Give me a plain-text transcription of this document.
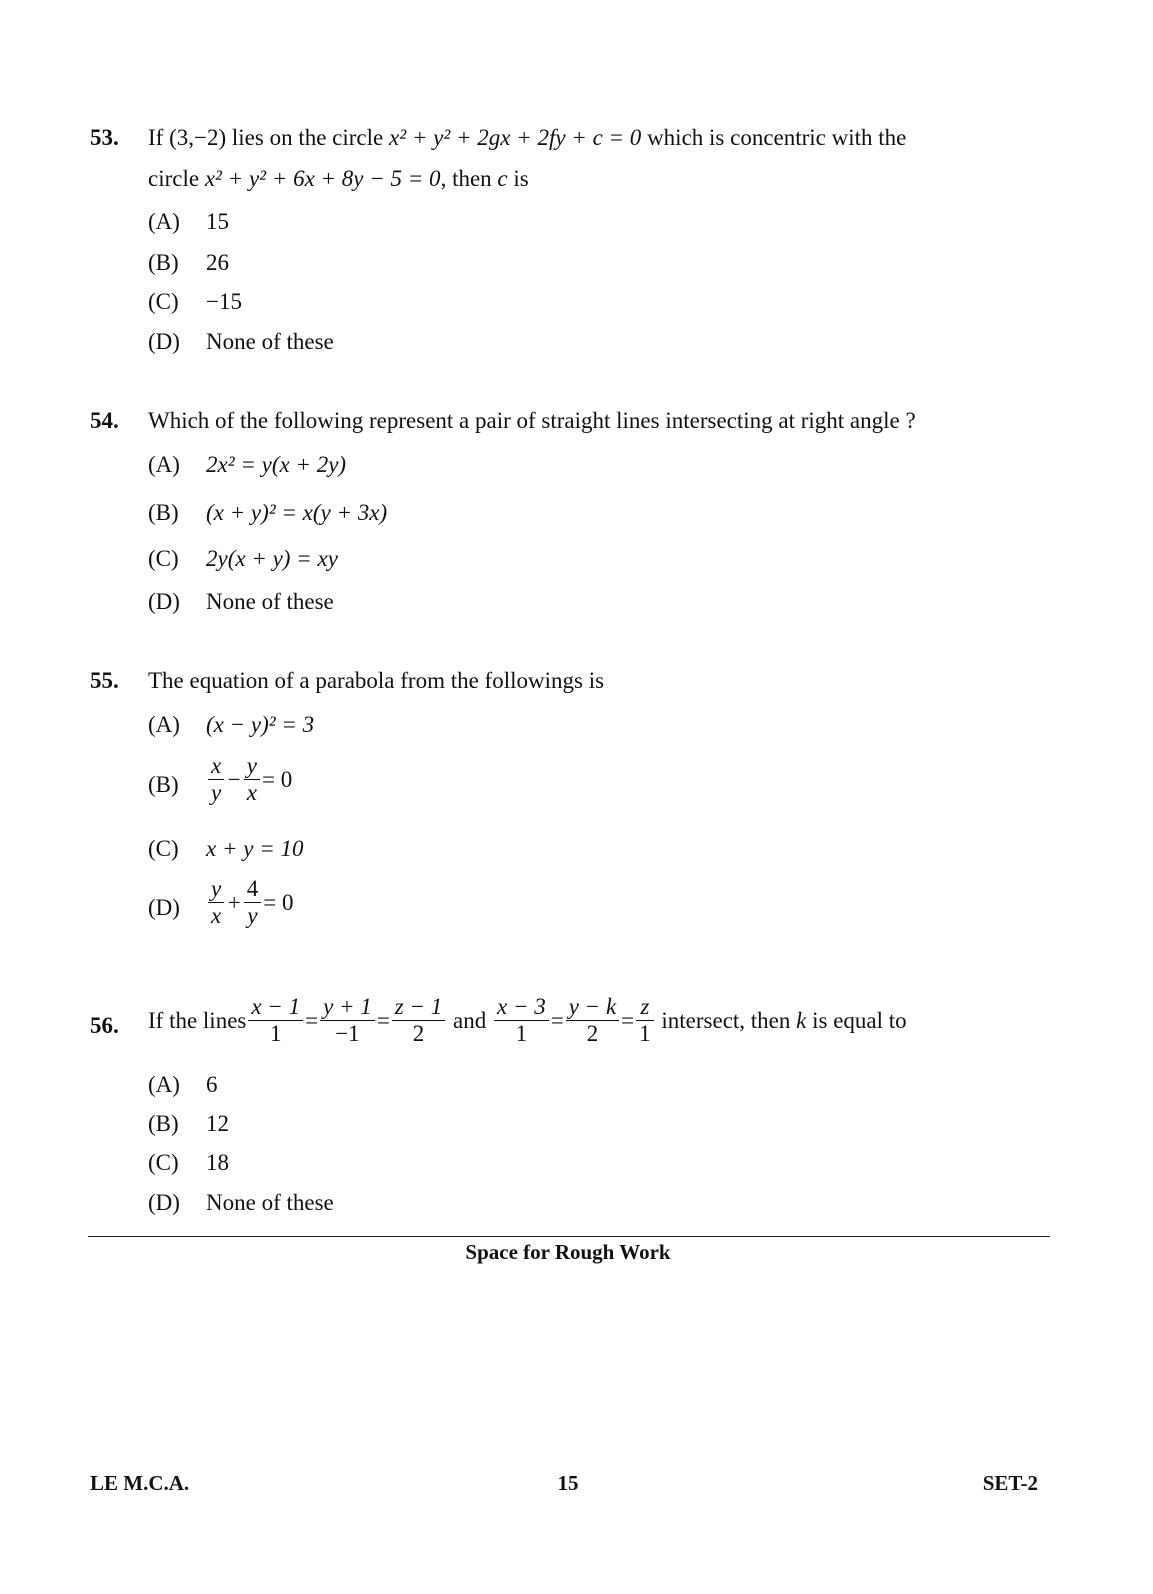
53.	If (3,−2) lies on the circle x² + y² + 2gx + 2fy + c = 0 which is concentric with the
circle x² + y² + 6x + 8y − 5 = 0, then c is
(A) 15
(B) 26
(C) −15
(D) None of these
54.	Which of the following represent a pair of straight lines intersecting at right angle ?
(A) 2x² = y(x + 2y)
(B) (x + y)² = x(y + 3x)
(C) 2y(x + y) = xy
(D) None of these
55.	The equation of a parabola from the followings is
(A) (x − y)² = 3
$(B) \frac{x}{y} - \frac{y}{x} = 0$
(C) x + y = 10
$(D) \frac{y}{x} + \frac{4}{y} = 0$
56.	If the lines $\frac{x - 1}{1} = \frac{y + 1}{-1} = \frac{z - 1}{2}$ and $\frac{x - 3}{1} = \frac{y - k}{2} = \frac{z}{1}$ intersect, then k is equal to
(A) 6
(B) 12
(C) 18
(D) None of these
Space for Rough Work
LE M.C.A.	15	SET-2
